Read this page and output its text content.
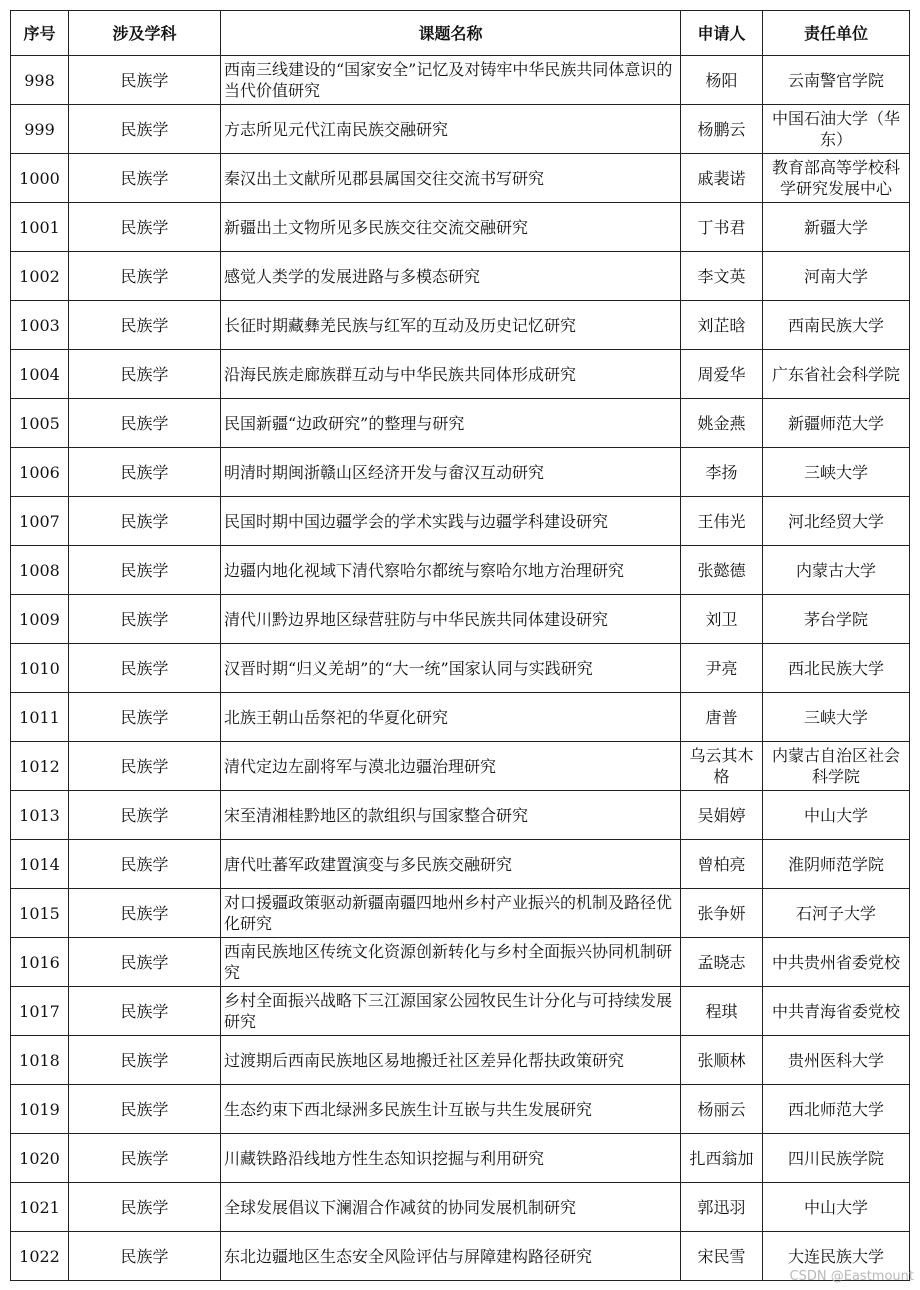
序号	涉及学科	课题名称	申请人	责任单位
998	民族学	西南三线建设的“国家安全”记忆及对铸牢中华民族共同体意识的当代价值研究	杨阳	云南警官学院
999	民族学	方志所见元代江南民族交融研究	杨鹏云	中国石油大学（华东）
1000	民族学	秦汉出土文献所见郡县属国交往交流书写研究	戚裴诺	教育部高等学校科学研究发展中心
1001	民族学	新疆出土文物所见多民族交往交流交融研究	丁书君	新疆大学
1002	民族学	感觉人类学的发展进路与多模态研究	李文英	河南大学
1003	民族学	长征时期藏彝羌民族与红军的互动及历史记忆研究	刘芷晗	西南民族大学
1004	民族学	沿海民族走廊族群互动与中华民族共同体形成研究	周爱华	广东省社会科学院
1005	民族学	民国新疆“边政研究”的整理与研究	姚金燕	新疆师范大学
1006	民族学	明清时期闽浙赣山区经济开发与畲汉互动研究	李扬	三峡大学
1007	民族学	民国时期中国边疆学会的学术实践与边疆学科建设研究	王伟光	河北经贸大学
1008	民族学	边疆内地化视域下清代察哈尔都统与察哈尔地方治理研究	张懿德	内蒙古大学
1009	民族学	清代川黔边界地区绿营驻防与中华民族共同体建设研究	刘卫	茅台学院
1010	民族学	汉晋时期“归义羌胡”的“大一统”国家认同与实践研究	尹亮	西北民族大学
1011	民族学	北族王朝山岳祭祀的华夏化研究	唐普	三峡大学
1012	民族学	清代定边左副将军与漠北边疆治理研究	乌云其木格	内蒙古自治区社会科学院
1013	民族学	宋至清湘桂黔地区的款组织与国家整合研究	吴娟婷	中山大学
1014	民族学	唐代吐蕃军政建置演变与多民族交融研究	曾柏亮	淮阴师范学院
1015	民族学	对口援疆政策驱动新疆南疆四地州乡村产业振兴的机制及路径优化研究	张争妍	石河子大学
1016	民族学	西南民族地区传统文化资源创新转化与乡村全面振兴协同机制研究	孟晓志	中共贵州省委党校
1017	民族学	乡村全面振兴战略下三江源国家公园牧民生计分化与可持续发展研究	程琪	中共青海省委党校
1018	民族学	过渡期后西南民族地区易地搬迁社区差异化帮扶政策研究	张顺林	贵州医科大学
1019	民族学	生态约束下西北绿洲多民族生计互嵌与共生发展研究	杨丽云	西北师范大学
1020	民族学	川藏铁路沿线地方性生态知识挖掘与利用研究	扎西翁加	四川民族学院
1021	民族学	全球发展倡议下澜湄合作减贫的协同发展机制研究	郭迅羽	中山大学
1022	民族学	东北边疆地区生态安全风险评估与屏障建构路径研究	宋民雪	大连民族大学
CSDN @Eastmount
